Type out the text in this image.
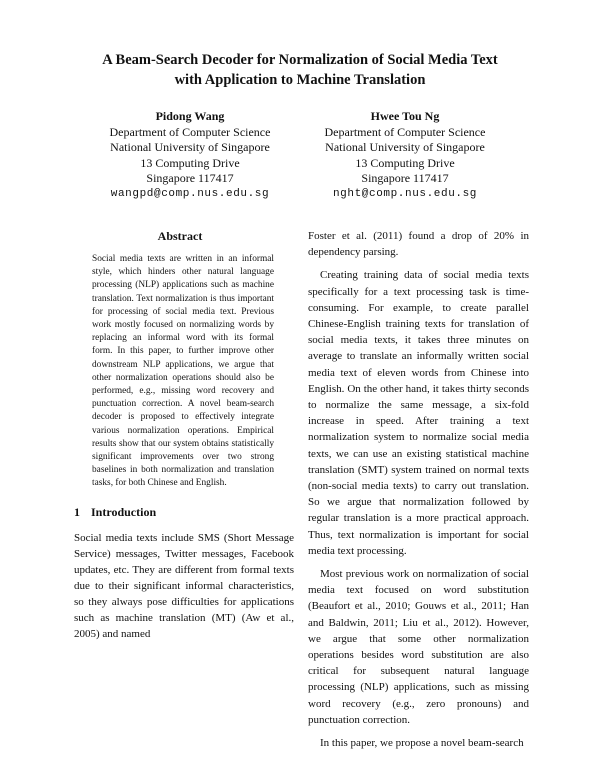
A Beam-Search Decoder for Normalization of Social Media Text
with Application to Machine Translation
Pidong Wang
Department of Computer Science
National University of Singapore
13 Computing Drive
Singapore 117417
wangpd@comp.nus.edu.sg
Hwee Tou Ng
Department of Computer Science
National University of Singapore
13 Computing Drive
Singapore 117417
nght@comp.nus.edu.sg
Abstract
Social media texts are written in an informal style, which hinders other natural language processing (NLP) applications such as machine translation. Text normalization is thus important for processing of social media text. Previous work mostly focused on normalizing words by replacing an informal word with its formal form. In this paper, to further improve other downstream NLP applications, we argue that other normalization operations should also be performed, e.g., missing word recovery and punctuation correction. A novel beam-search decoder is proposed to effectively integrate various normalization operations. Empirical results show that our system obtains statistically significant improvements over two strong baselines in both normalization and translation tasks, for both Chinese and English.
1 Introduction
Social media texts include SMS (Short Message Service) messages, Twitter messages, Facebook updates, etc. They are different from formal texts due to their significant informal characteristics, so they always pose difficulties for applications such as machine translation (MT) (Aw et al., 2005) and named

Foster et al. (2011) found a drop of 20% in dependency parsing.

Creating training data of social media texts specifically for a text processing task is time-consuming. For example, to create parallel Chinese-English training texts for translation of social media texts, it takes three minutes on average to translate an informally written social media text of eleven words from Chinese into English. On the other hand, it takes thirty seconds to normalize the same message, a six-fold increase in speed. After training a text normalization system to normalize social media texts, we can use an existing statistical machine translation (SMT) system trained on normal texts (non-social media texts) to carry out translation. So we argue that normalization followed by regular translation is a more practical approach. Thus, text normalization is important for social media text processing.

Most previous work on normalization of social media text focused on word substitution (Beaufort et al., 2010; Gouws et al., 2011; Han and Baldwin, 2011; Liu et al., 2012). However, we argue that some other normalization operations besides word substitution are also critical for subsequent natural language processing (NLP) applications, such as missing word recovery (e.g., zero pronouns) and punctuation correction.

In this paper, we propose a novel beam-search
